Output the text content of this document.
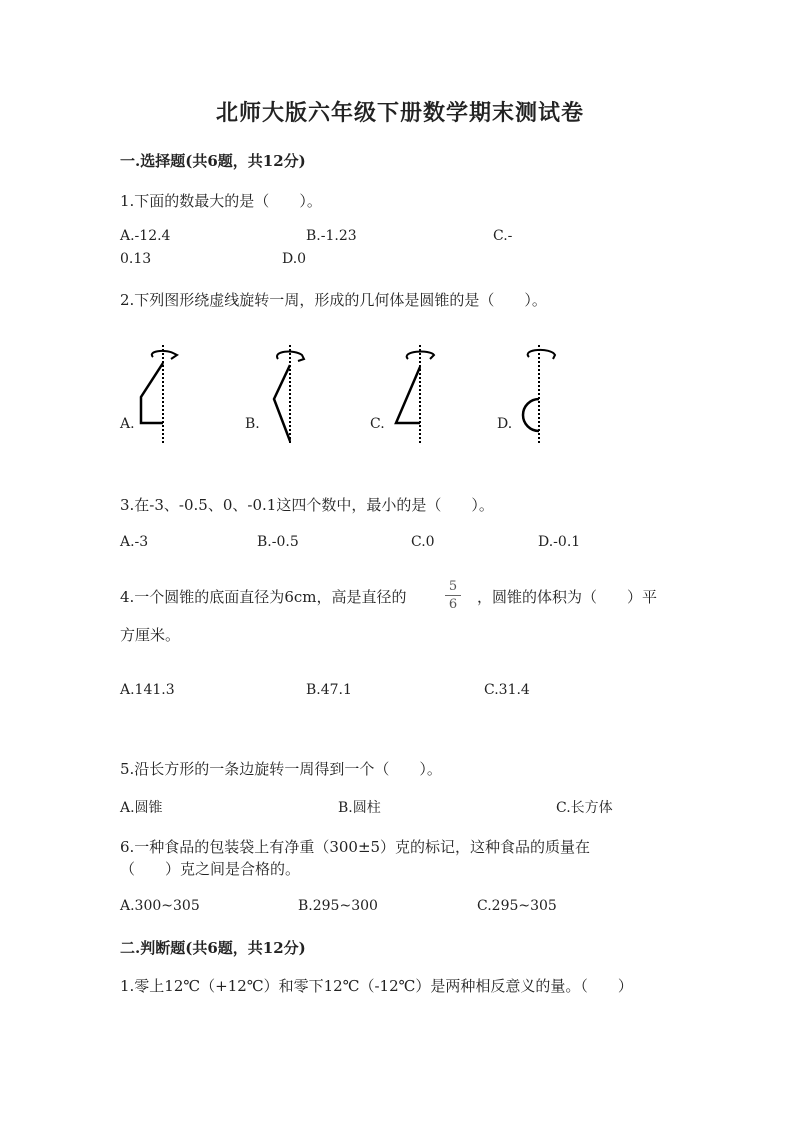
北师大版六年级下册数学期末测试卷
一.选择题(共6题，共12分)
1.下面的数最大的是（　　）。
A.-12.4	B.-1.23	C.-
0.13	D.0
2.下列图形绕虚线旋转一周，形成的几何体是圆锥的是（　　）。
A.	B.	C.	D.
3.在-3、-0.5、0、-0.1这四个数中，最小的是（　　）。
A.-3	B.-0.5	C.0	D.-0.1
4.一个圆锥的底面直径为6cm，高是直径的
5
6 ，圆锥的体积为（　　）平
方厘米。
A.141.3	B.47.1	C.31.4
5.沿长方形的一条边旋转一周得到一个（　　）。
A.圆锥	B.圆柱	C.长方体
6.一种食品的包装袋上有净重（300±5）克的标记，这种食品的质量在
（　　）克之间是合格的。
A.300~305	B.295~300	C.295~305
二.判断题(共6题，共12分)
1.零上12℃（+12℃）和零下12℃（-12℃）是两种相反意义的量。（　　）
